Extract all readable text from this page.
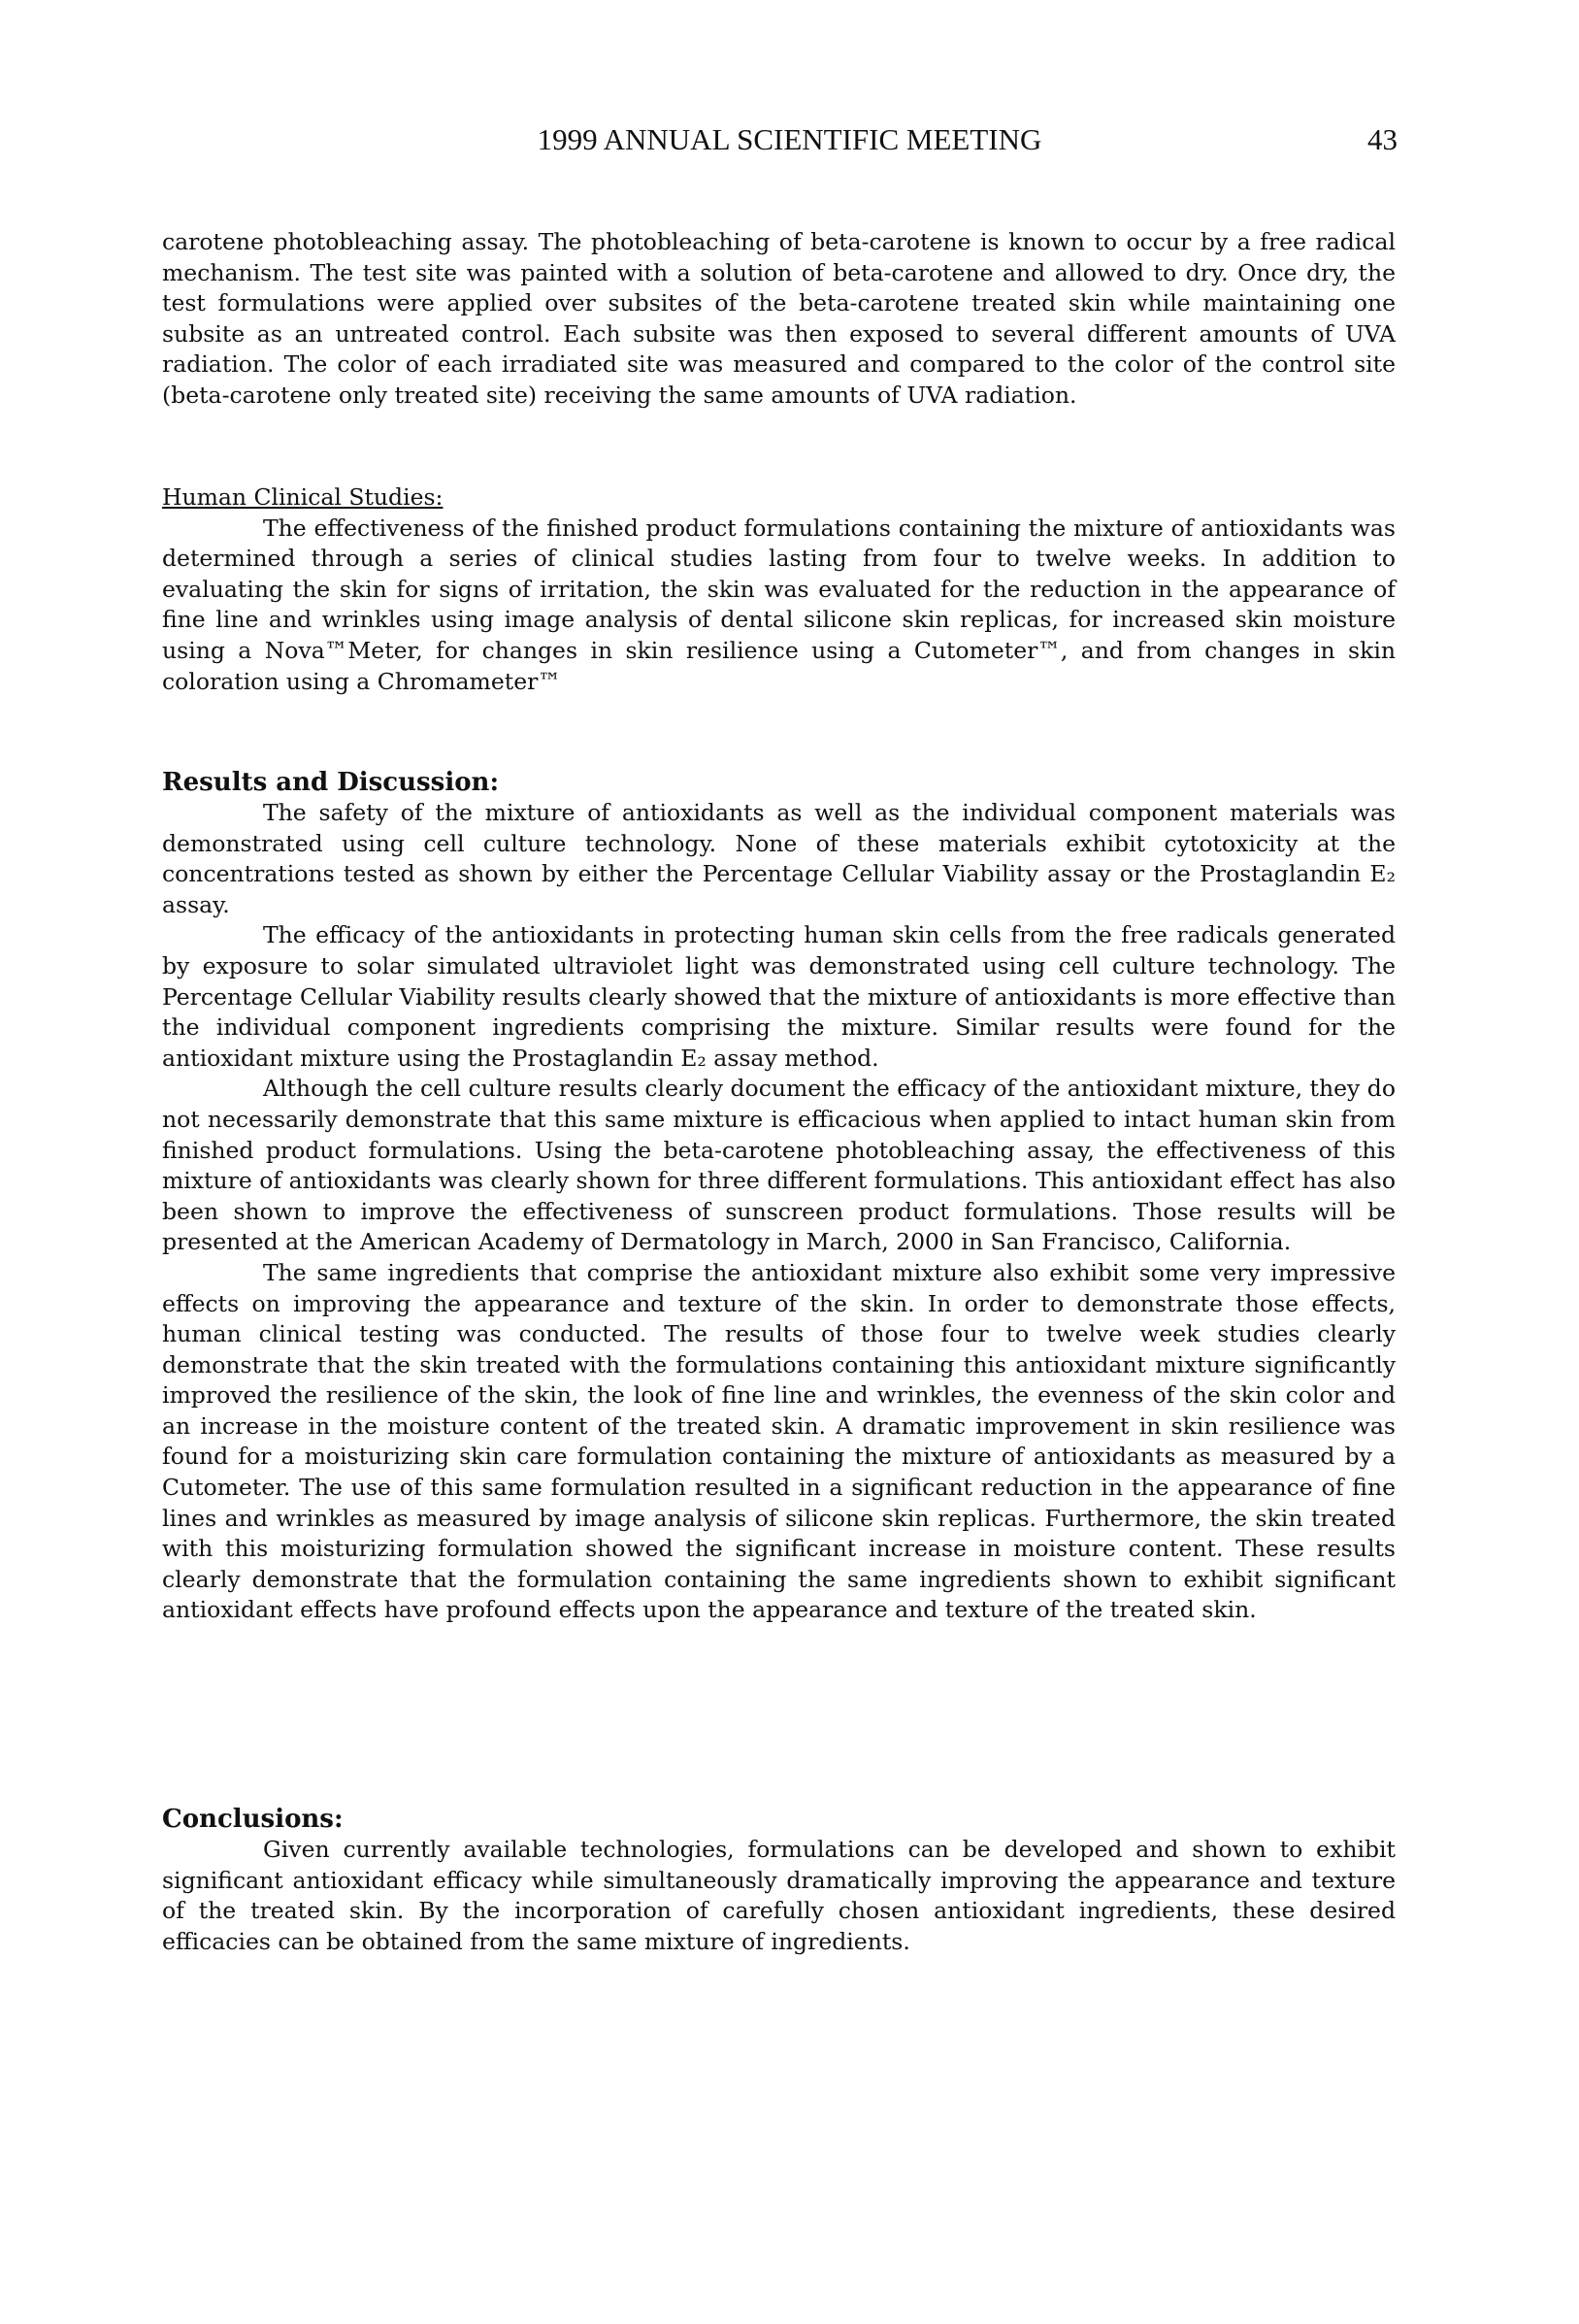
1999 ANNUAL SCIENTIFIC MEETING	43

carotene photobleaching assay. The photobleaching of beta-carotene is known to occur by a free radical mechanism. The test site was painted with a solution of beta-carotene and allowed to dry. Once dry, the test formulations were applied over subsites of the beta-carotene treated skin while maintaining one subsite as an untreated control. Each subsite was then exposed to several different amounts of UVA radiation. The color of each irradiated site was measured and compared to the color of the control site (beta-carotene only treated site) receiving the same amounts of UVA radiation.

Human Clinical Studies:

The effectiveness of the finished product formulations containing the mixture of antioxidants was determined through a series of clinical studies lasting from four to twelve weeks. In addition to evaluating the skin for signs of irritation, the skin was evaluated for the reduction in the appearance of fine line and wrinkles using image analysis of dental silicone skin replicas, for increased skin moisture using a Nova™Meter, for changes in skin resilience using a Cutometer™, and from changes in skin coloration using a Chromameter™

Results and Discussion:

The safety of the mixture of antioxidants as well as the individual component materials was demonstrated using cell culture technology. None of these materials exhibit cytotoxicity at the concentrations tested as shown by either the Percentage Cellular Viability assay or the Prostaglandin E₂ assay.

The efficacy of the antioxidants in protecting human skin cells from the free radicals generated by exposure to solar simulated ultraviolet light was demonstrated using cell culture technology. The Percentage Cellular Viability results clearly showed that the mixture of antioxidants is more effective than the individual component ingredients comprising the mixture. Similar results were found for the antioxidant mixture using the Prostaglandin E₂ assay method.

Although the cell culture results clearly document the efficacy of the antioxidant mixture, they do not necessarily demonstrate that this same mixture is efficacious when applied to intact human skin from finished product formulations. Using the beta-carotene photobleaching assay, the effectiveness of this mixture of antioxidants was clearly shown for three different formulations. This antioxidant effect has also been shown to improve the effectiveness of sunscreen product formulations. Those results will be presented at the American Academy of Dermatology in March, 2000 in San Francisco, California.

The same ingredients that comprise the antioxidant mixture also exhibit some very impressive effects on improving the appearance and texture of the skin. In order to demonstrate those effects, human clinical testing was conducted. The results of those four to twelve week studies clearly demonstrate that the skin treated with the formulations containing this antioxidant mixture significantly improved the resilience of the skin, the look of fine line and wrinkles, the evenness of the skin color and an increase in the moisture content of the treated skin. A dramatic improvement in skin resilience was found for a moisturizing skin care formulation containing the mixture of antioxidants as measured by a Cutometer. The use of this same formulation resulted in a significant reduction in the appearance of fine lines and wrinkles as measured by image analysis of silicone skin replicas. Furthermore, the skin treated with this moisturizing formulation showed the significant increase in moisture content. These results clearly demonstrate that the formulation containing the same ingredients shown to exhibit significant antioxidant effects have profound effects upon the appearance and texture of the treated skin.

Conclusions:

Given currently available technologies, formulations can be developed and shown to exhibit significant antioxidant efficacy while simultaneously dramatically improving the appearance and texture of the treated skin. By the incorporation of carefully chosen antioxidant ingredients, these desired efficacies can be obtained from the same mixture of ingredients.
